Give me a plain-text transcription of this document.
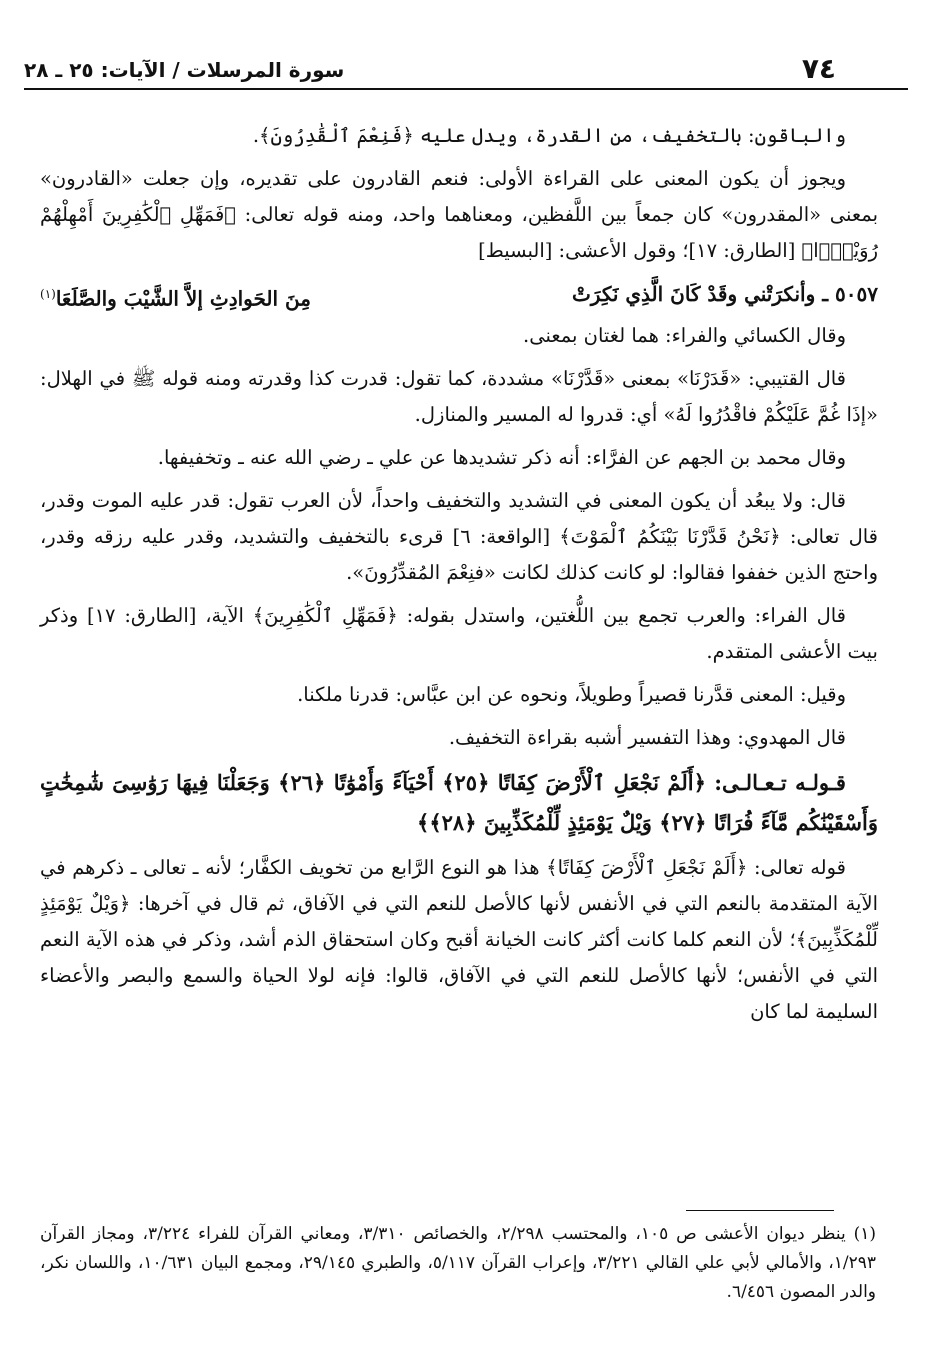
٧٤
سورة المرسلات / الآيات: ٢٥ ـ ٢٨

والباقون: بالتخفيف، من القدرة، ويدل عليه ﴿فَنِعْمَ ٱلْقَٰدِرُونَ﴾.

ويجوز أن يكون المعنى على القراءة الأولى: فنعم القادرون على تقديره، وإن جعلت «القادرون» بمعنى «المقدرون» كان جمعاً بين اللَّفظين، ومعناهما واحد، ومنه قوله تعالى: ﴿فَمَهِّلِ ٱلْكَٰفِرِينَ أَمْهِلْهُمْ رُوَيْدًۢا﴾ [الطارق: ١٧]؛ وقول الأعشى: [البسيط]

٥٠٥٧ ـ وأنكرَتْني وقَدْ كَانَ الَّذِي نَكِرَتْ
مِنَ الحَوادِثِ إلاَّ الشَّيْبَ والصَّلَعَا$^{(١)}$

وقال الكسائي والفراء: هما لغتان بمعنى.

قال القتيبي: «قَدَرْنَا» بمعنى «قَدَّرْنَا» مشددة، كما تقول: قدرت كذا وقدرته ومنه قوله ﷺ في الهلال: «إذَا غُمَّ عَلَيْكُمْ فاقْدُرُوا لَهُ» أي: قدروا له المسير والمنازل.

وقال محمد بن الجهم عن الفرَّاء: أنه ذكر تشديدها عن علي ـ رضي الله عنه ـ وتخفيفها.

قال: ولا يبعُد أن يكون المعنى في التشديد والتخفيف واحداً، لأن العرب تقول: قدر عليه الموت وقدر، قال تعالى: ﴿نَحْنُ قَدَّرْنَا بَيْنَكُمُ ٱلْمَوْتَ﴾ [الواقعة: ٦] قرىء بالتخفيف والتشديد، وقدر عليه رزقه وقدر، واحتج الذين خففوا فقالوا: لو كانت كذلك لكانت «فنِعْمَ المُقدِّرُونَ».

قال الفراء: والعرب تجمع بين اللُّغتين، واستدل بقوله: ﴿فَمَهِّلِ ٱلْكَٰفِرِينَ﴾ الآية، [الطارق: ١٧] وذكر بيت الأعشى المتقدم.

وقيل: المعنى قدَّرنا قصيراً وطويلاً، ونحوه عن ابن عبَّاس: قدرنا ملكنا.

قال المهدوي: وهذا التفسير أشبه بقراءة التخفيف.

قـولـه تـعـالـى: ﴿أَلَمْ نَجْعَلِ ٱلْأَرْضَ كِفَاتًا ﴿٢٥﴾ أَحْيَآءً وَأَمْوَٰتًا ﴿٢٦﴾ وَجَعَلْنَا فِيهَا رَوَٰسِىَ شَٰمِخَٰتٍ وَأَسْقَيْنَٰكُم مَّآءً فُرَاتًا ﴿٢٧﴾ وَيْلٌ يَوْمَئِذٍ لِّلْمُكَذِّبِينَ ﴿٢٨﴾﴾

قوله تعالى: ﴿أَلَمْ نَجْعَلِ ٱلْأَرْضَ كِفَاتًا﴾ هذا هو النوع الرَّابع من تخويف الكفَّار؛ لأنه ـ تعالى ـ ذكرهم في الآية المتقدمة بالنعم التي في الأنفس لأنها كالأصل للنعم التي في الآفاق، ثم قال في آخرها: ﴿وَيْلٌ يَوْمَئِذٍ لِّلْمُكَذِّبِينَ﴾؛ لأن النعم كلما كانت أكثر كانت الخيانة أقبح وكان استحقاق الذم أشد، وذكر في هذه الآية النعم التي في الأنفس؛ لأنها كالأصل للنعم التي في الآفاق، قالوا: فإنه لولا الحياة والسمع والبصر والأعضاء السليمة لما كان

(١) ينظر ديوان الأعشى ص ١٠٥، والمحتسب ٢/٢٩٨، والخصائص ٣/٣١٠، ومعاني القرآن للفراء ٣/٢٢٤، ومجاز القرآن ١/٢٩٣، والأمالي لأبي علي القالي ٣/٢٢١، وإعراب القرآن ٥/١١٧، والطبري ٢٩/١٤٥، ومجمع البيان ١٠/٦٣١، واللسان نكر، والدر المصون ٦/٤٥٦.
